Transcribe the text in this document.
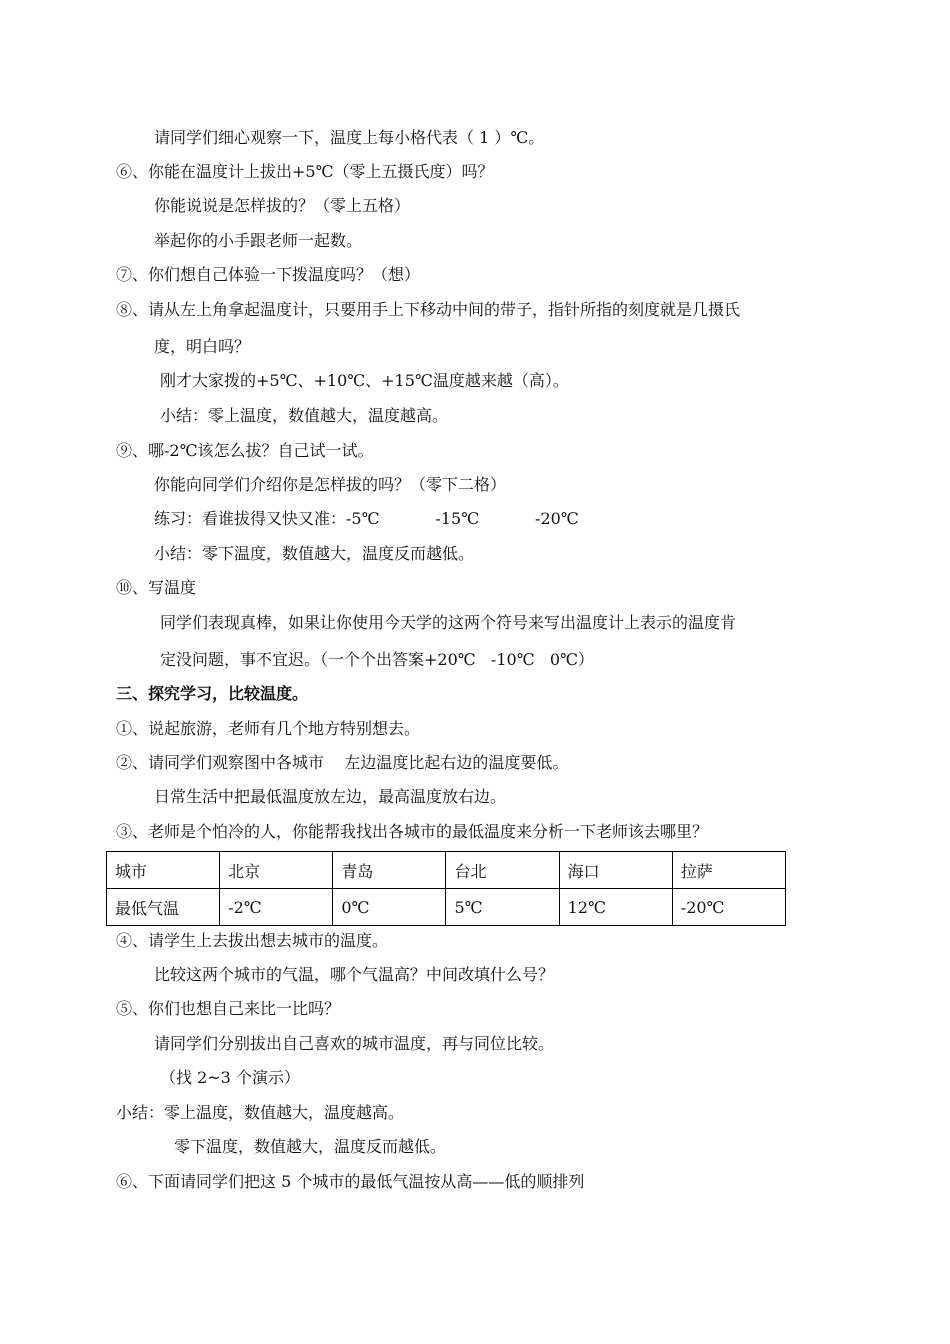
请同学们细心观察一下，温度上每小格代表（ 1 ）℃。
⑥、你能在温度计上拔出+5℃（零上五摄氏度）吗？
你能说说是怎样拔的？（零上五格）
举起你的小手跟老师一起数。
⑦、你们想自己体验一下拨温度吗？（想）
⑧、请从左上角拿起温度计，只要用手上下移动中间的带子，指针所指的刻度就是几摄氏
度，明白吗？
刚才大家拨的+5℃、+10℃、+15℃温度越来越（高）。
小结：零上温度，数值越大，温度越高。
⑨、哪-2℃该怎么拔？自己试一试。
你能向同学们介绍你是怎样拔的吗？（零下二格）
练习：看谁拔得又快又准：-5℃           -15℃           -20℃
小结：零下温度，数值越大，温度反而越低。
⑩、写温度
同学们表现真棒，如果让你使用今天学的这两个符号来写出温度计上表示的温度肯
定没问题，事不宜迟。（一个个出答案+20℃   -10℃   0℃）
三、探究学习，比较温度。
①、说起旅游，老师有几个地方特别想去。
②、请同学们观察图中各城市    左边温度比起右边的温度要低。
日常生活中把最低温度放左边，最高温度放右边。
③、老师是个怕冷的人，你能帮我找出各城市的最低温度来分析一下老师该去哪里？
城市	北京	青岛	台北	海口	拉萨
最低气温	-2℃	0℃	5℃	12℃	-20℃
④、请学生上去拔出想去城市的温度。
比较这两个城市的气温，哪个气温高？中间改填什么号？
⑤、你们也想自己来比一比吗？
请同学们分别拔出自己喜欢的城市温度，再与同位比较。
（找 2~3 个演示）
小结：零上温度，数值越大，温度越高。
零下温度，数值越大，温度反而越低。
⑥、下面请同学们把这 5 个城市的最低气温按从高——低的顺排列
